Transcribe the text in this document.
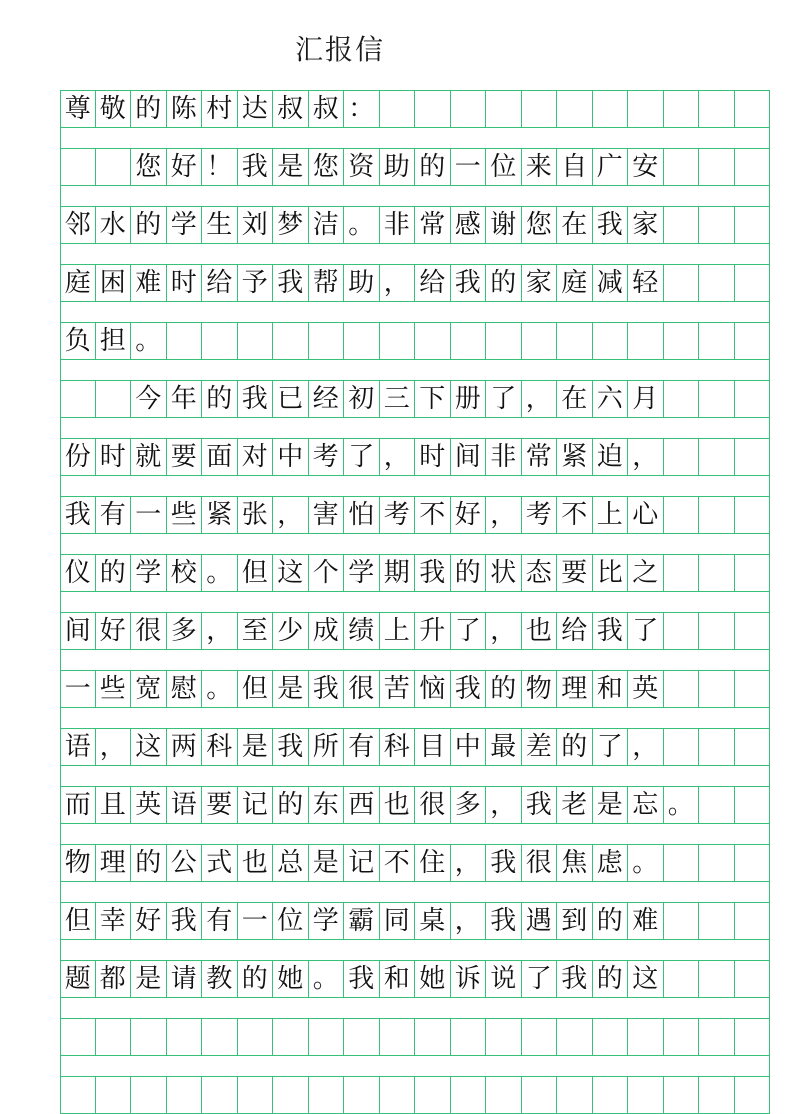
汇报信
尊 敬 的 陈 村 达 叔 叔 ：
您 好 ！ 我 是 您 资 助 的 一 位 来 自 广 安
邻 水 的 学 生 刘 梦 洁 。 非 常 感 谢 您 在 我 家
庭 困 难 时 给 予 我 帮 助 ， 给 我 的 家 庭 减 轻
负 担 。
今 年 的 我 已 经 初 三 下 册 了 ， 在 六 月
份 时 就 要 面 对 中 考 了 ， 时 间 非 常 紧 迫 ，
我 有 一 些 紧 张 ， 害 怕 考 不 好 ， 考 不 上 心
仪 的 学 校 。 但 这 个 学 期 我 的 状 态 要 比 之
间 好 很 多 ， 至 少 成 绩 上 升 了 ， 也 给 我 了
一 些 宽 慰 。 但 是 我 很 苦 恼 我 的 物 理 和 英
语 ， 这 两 科 是 我 所 有 科 目 中 最 差 的 了 ，
而 且 英 语 要 记 的 东 西 也 很 多 ， 我 老 是 忘 。
物 理 的 公 式 也 总 是 记 不 住 ， 我 很 焦 虑 。
但 幸 好 我 有 一 位 学 霸 同 桌 ， 我 遇 到 的 难
题 都 是 请 教 的 她 。 我 和 她 诉 说 了 我 的 这
